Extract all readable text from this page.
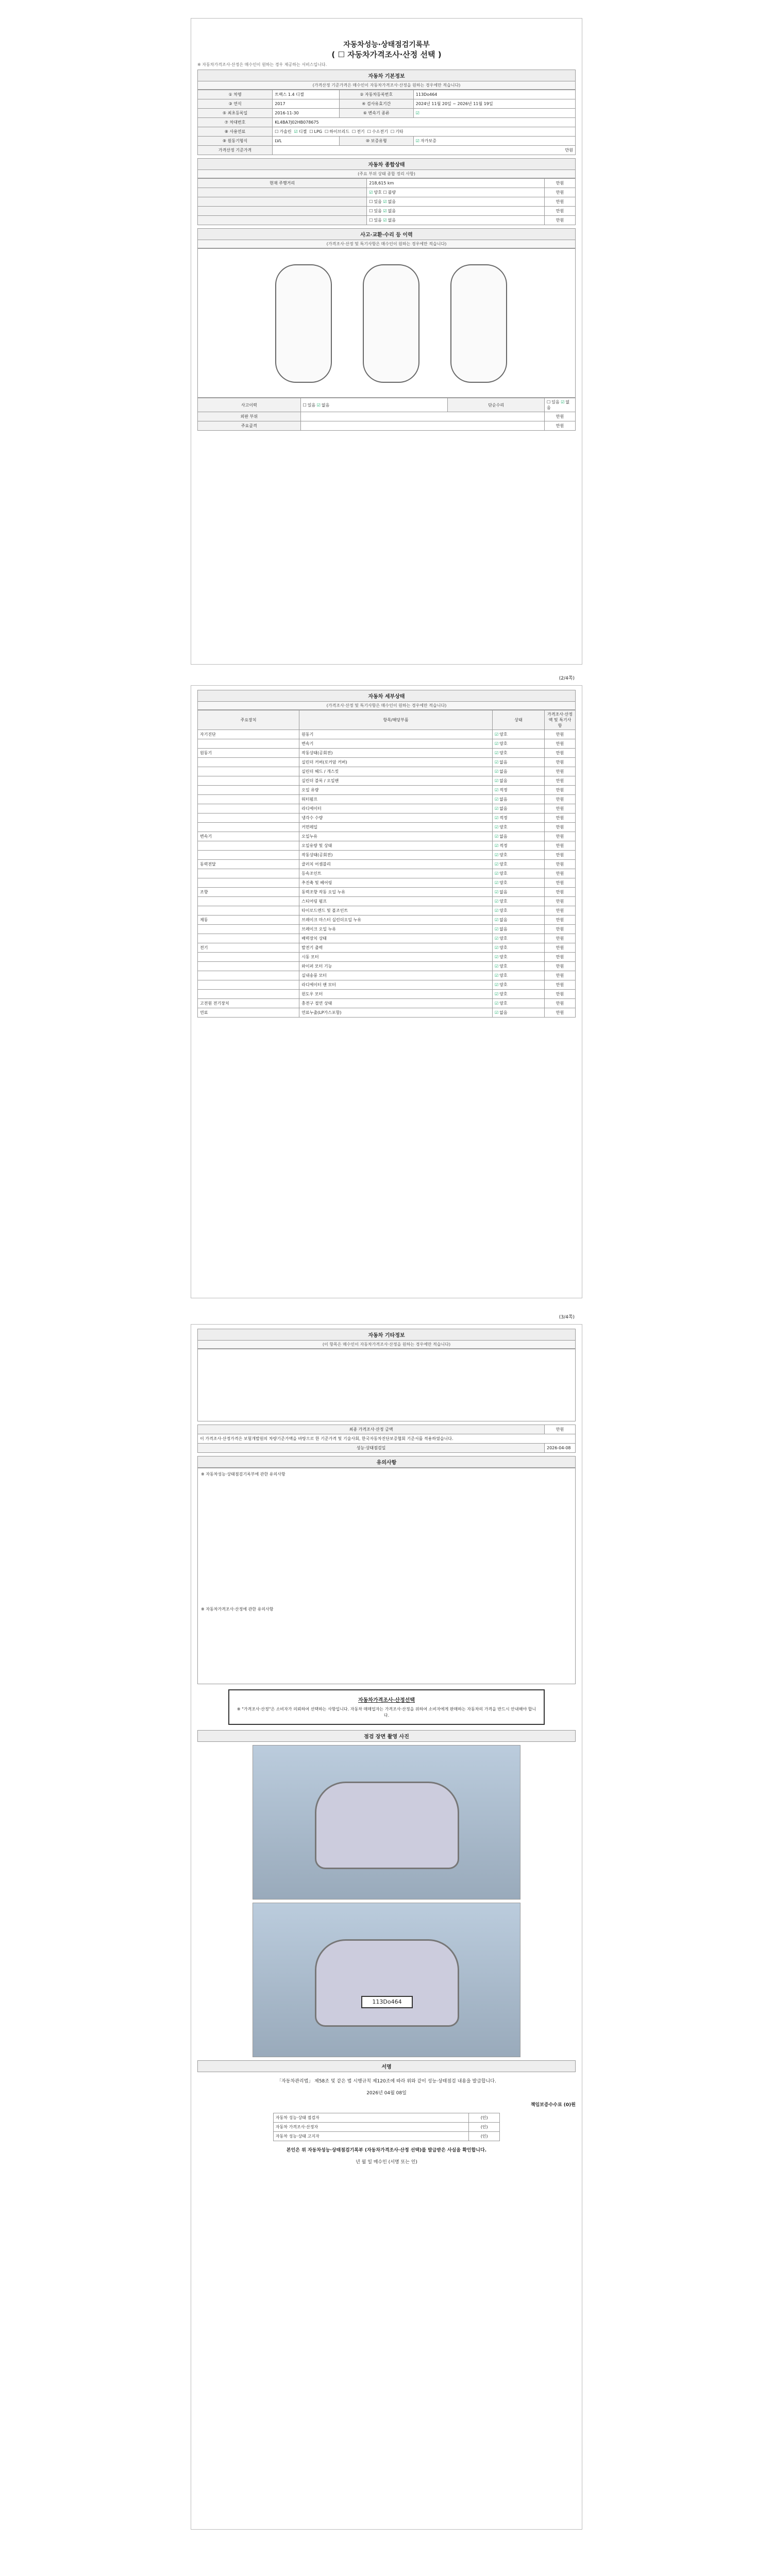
자동차성능·상태점검기록부
( ☐ 자동차가격조사·산정 선택 )
※ 자동차가격조사·산정은 매수인이 원하는 경우 제공하는 서비스입니다.
자동차 기본정보
(가격산정 기준가격은 매수인이 자동차가격조사·산정을 원하는 경우에만 적습니다)
① 차명	트랙스 1.4 디젤	② 자동차등록번호	113Do464
③ 연식	2017	④ 검사유효기간	2024년 11월 20일 ~ 2026년 11월 19일
⑤ 최초등록일	2016-11-30	⑥ 변속기 종류	☑
⑦ 차대번호	KL4BA7J02HB078675		
⑧ 사용연료	☐ 가솔린 ☑ 디젤 ☐ LPG ☐ 하이브리드 ☐ 전기 ☐ 수소전기 ☐ 기타
⑨ 원동기형식	LVL	⑩ 보증유형	☑ 자가보증
가격산정 기준가격	만원		
자동차 종합상태
(주요 부위 상태 종합 정리 사항)
현재 주행거리	218,615 km	만원
	☑ 양호 ☐ 불량	만원
	☐ 있음 ☑ 없음	만원
	☐ 있음 ☑ 없음	만원
	☐ 있음 ☑ 없음	만원
사고·교환·수리 등 이력
(가격조사·산정 및 특기사항은 매수인이 원하는 경우에만 적습니다)
사고이력	☐ 있음 ☑ 없음	단순수리	☐ 있음 ☑ 없음
외판 부위			만원
주요골격			만원
(2/4쪽)
자동차 세부상태
(가격조사·산정 및 특기사항은 매수인이 원하는 경우에만 적습니다)
주요장치	항목/해당부품	상태	가격조사·산정액 및 특기사항
자기진단	원동기	☑ 양호	만원
	변속기	☑ 양호	만원
원동기	작동상태(공회전)	☑ 양호	만원
	실린더 커버(로커암 커버)	☑ 없음	만원
	실린더 헤드 / 개스킷	☑ 없음	만원
	실린더 블록 / 오일팬	☑ 없음	만원
	오일 유량	☑ 적정	만원
	워터펌프	☑ 없음	만원
	라디에이터	☑ 없음	만원
	냉각수 수량	☑ 적정	만원
	커먼레일	☑ 양호	만원
변속기	오일누유	☑ 없음	만원
	오일유량 및 상태	☑ 적정	만원
	작동상태(공회전)	☑ 양호	만원
동력전달	클러치 어셈블리	☑ 양호	만원
	등속조인트	☑ 양호	만원
	추진축 및 베어링	☑ 양호	만원
조향	동력조향 작동 오일 누유	☑ 없음	만원
	스티어링 펌프	☑ 양호	만원
	타이로드엔드 및 볼조인트	☑ 양호	만원
제동	브레이크 마스터 실린더오일 누유	☑ 없음	만원
	브레이크 오일 누유	☑ 없음	만원
	배력장치 상태	☑ 양호	만원
전기	발전기 출력	☑ 양호	만원
	시동 모터	☑ 양호	만원
	와이퍼 모터 기능	☑ 양호	만원
	실내송풍 모터	☑ 양호	만원
	라디에이터 팬 모터	☑ 양호	만원
	윈도우 모터	☑ 양호	만원
고전원 전기장치	충전구 절연 상태	☑ 양호	만원
연료	연료누출(LP가스포함)	☑ 없음	만원
(3/4쪽)
자동차 기타정보
(이 항목은 매수인이 자동차가격조사·산정을 원하는 경우에만 적습니다)
최종 가격조사·산정 금액	만원
이 가격조사·산정가격은 보험개발원의 차량기준가액을 바탕으로 한 기준가격 및 기술사회, 한국자동차진단보증협회 기준서를 적용하였습니다.	
성능·상태점검일	2026-04-08
유의사항
※ 자동차성능·상태점검기록부에 관한 유의사항
※ 자동차가격조사·산정에 관한 유의사항
자동차가격조사·산정선택
※ "가격조사·산정"은 소비자가 의뢰하여 선택하는 사항입니다. 자동차 매매업자는 가격조사·산정을 위하여 소비자에게 판매하는 자동차의 가격을 반드시 안내해야 합니다.
점검 장면 촬영 사진
113Do464
서명
「자동차관리법」 제58조 및 같은 법 시행규칙 제120조에 따라 위와 같이 성능·상태점검 내용을 발급합니다.
2026년 04월 08일
책임보증수수료 (0)원
자동차 성능·상태 점검자	(인)
자동차 가격조사·산정자	(인)
자동차 성능·상태 고지자	(인)
본인은 위 자동차성능·상태점검기록부 (자동차가격조사·산정 선택)를 발급받은 사실을 확인합니다.
년 월 일 매수인 (서명 또는 인)
